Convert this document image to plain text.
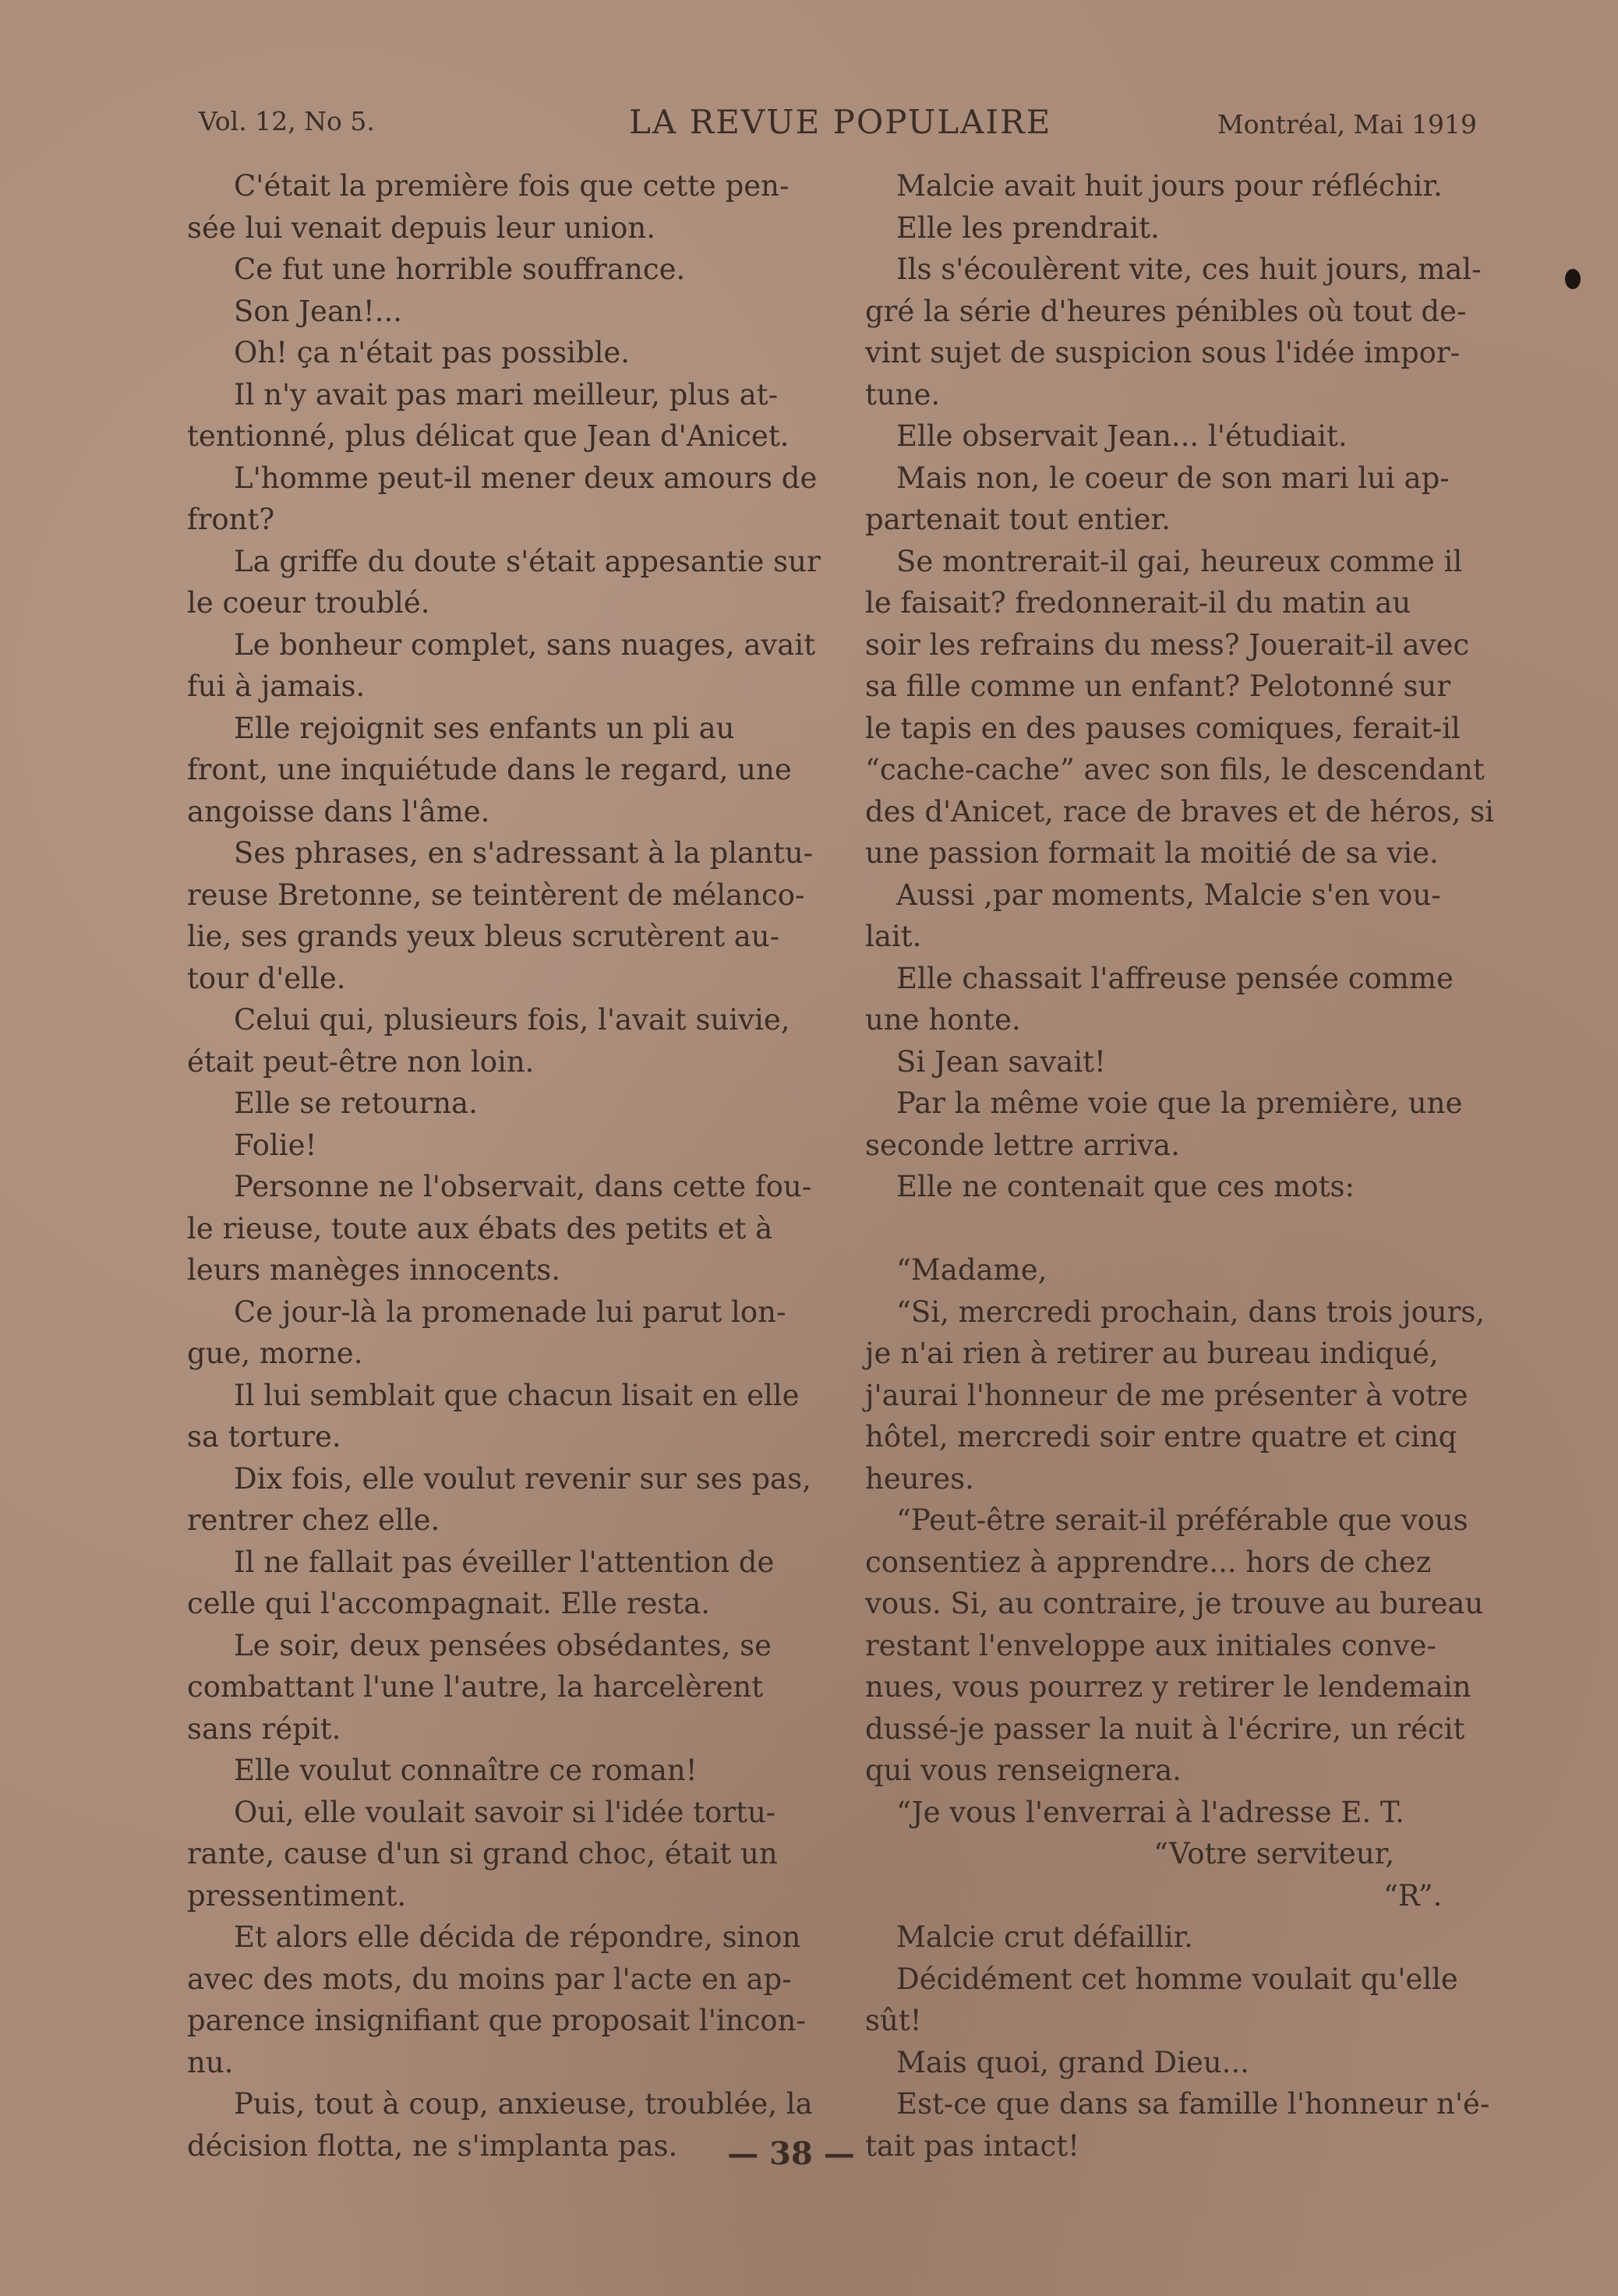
Vol. 12, No 5.	LA REVUE POPULAIRE	Montréal, Mai 1919
C'était la première fois que cette pen-
sée lui venait depuis leur union.
Ce fut une horrible souffrance.
Son Jean!...
Oh! ça n'était pas possible.
Il n'y avait pas mari meilleur, plus at-
tentionné, plus délicat que Jean d'Anicet.
L'homme peut-il mener deux amours de
front?
La griffe du doute s'était appesantie sur
le coeur troublé.
Le bonheur complet, sans nuages, avait
fui à jamais.
Elle rejoignit ses enfants un pli au
front, une inquiétude dans le regard, une
angoisse dans l'âme.
Ses phrases, en s'adressant à la plantu-
reuse Bretonne, se teintèrent de mélanco-
lie, ses grands yeux bleus scrutèrent au-
tour d'elle.
Celui qui, plusieurs fois, l'avait suivie,
était peut-être non loin.
Elle se retourna.
Folie!
Personne ne l'observait, dans cette fou-
le rieuse, toute aux ébats des petits et à
leurs manèges innocents.
Ce jour-là la promenade lui parut lon-
gue, morne.
Il lui semblait que chacun lisait en elle
sa torture.
Dix fois, elle voulut revenir sur ses pas,
rentrer chez elle.
Il ne fallait pas éveiller l'attention de
celle qui l'accompagnait. Elle resta.
Le soir, deux pensées obsédantes, se
combattant l'une l'autre, la harcelèrent
sans répit.
Elle voulut connaître ce roman!
Oui, elle voulait savoir si l'idée tortu-
rante, cause d'un si grand choc, était un
pressentiment.
Et alors elle décida de répondre, sinon
avec des mots, du moins par l'acte en ap-
parence insignifiant que proposait l'incon-
nu.
Puis, tout à coup, anxieuse, troublée, la
décision flotta, ne s'implanta pas.
Malcie avait huit jours pour réfléchir.
Elle les prendrait.
Ils s'écoulèrent vite, ces huit jours, mal-
gré la série d'heures pénibles où tout de-
vint sujet de suspicion sous l'idée impor-
tune.
Elle observait Jean... l'étudiait.
Mais non, le coeur de son mari lui ap-
partenait tout entier.
Se montrerait-il gai, heureux comme il
le faisait? fredonnerait-il du matin au
soir les refrains du mess? Jouerait-il avec
sa fille comme un enfant? Pelotonné sur
le tapis en des pauses comiques, ferait-il
“cache-cache” avec son fils, le descendant
des d'Anicet, race de braves et de héros, si
une passion formait la moitié de sa vie.
Aussi ,par moments, Malcie s'en vou-
lait.
Elle chassait l'affreuse pensée comme
une honte.
Si Jean savait!
Par la même voie que la première, une
seconde lettre arriva.
Elle ne contenait que ces mots:
“Madame,
“Si, mercredi prochain, dans trois jours,
je n'ai rien à retirer au bureau indiqué,
j'aurai l'honneur de me présenter à votre
hôtel, mercredi soir entre quatre et cinq
heures.
“Peut-être serait-il préférable que vous
consentiez à apprendre... hors de chez
vous. Si, au contraire, je trouve au bureau
restant l'enveloppe aux initiales conve-
nues, vous pourrez y retirer le lendemain
dussé-je passer la nuit à l'écrire, un récit
qui vous renseignera.
“Je vous l'enverrai à l'adresse E. T.
“Votre serviteur,
“R”.
Malcie crut défaillir.
Décidément cet homme voulait qu'elle
sût!
Mais quoi, grand Dieu...
Est-ce que dans sa famille l'honneur n'é-
tait pas intact!
— 38 —
